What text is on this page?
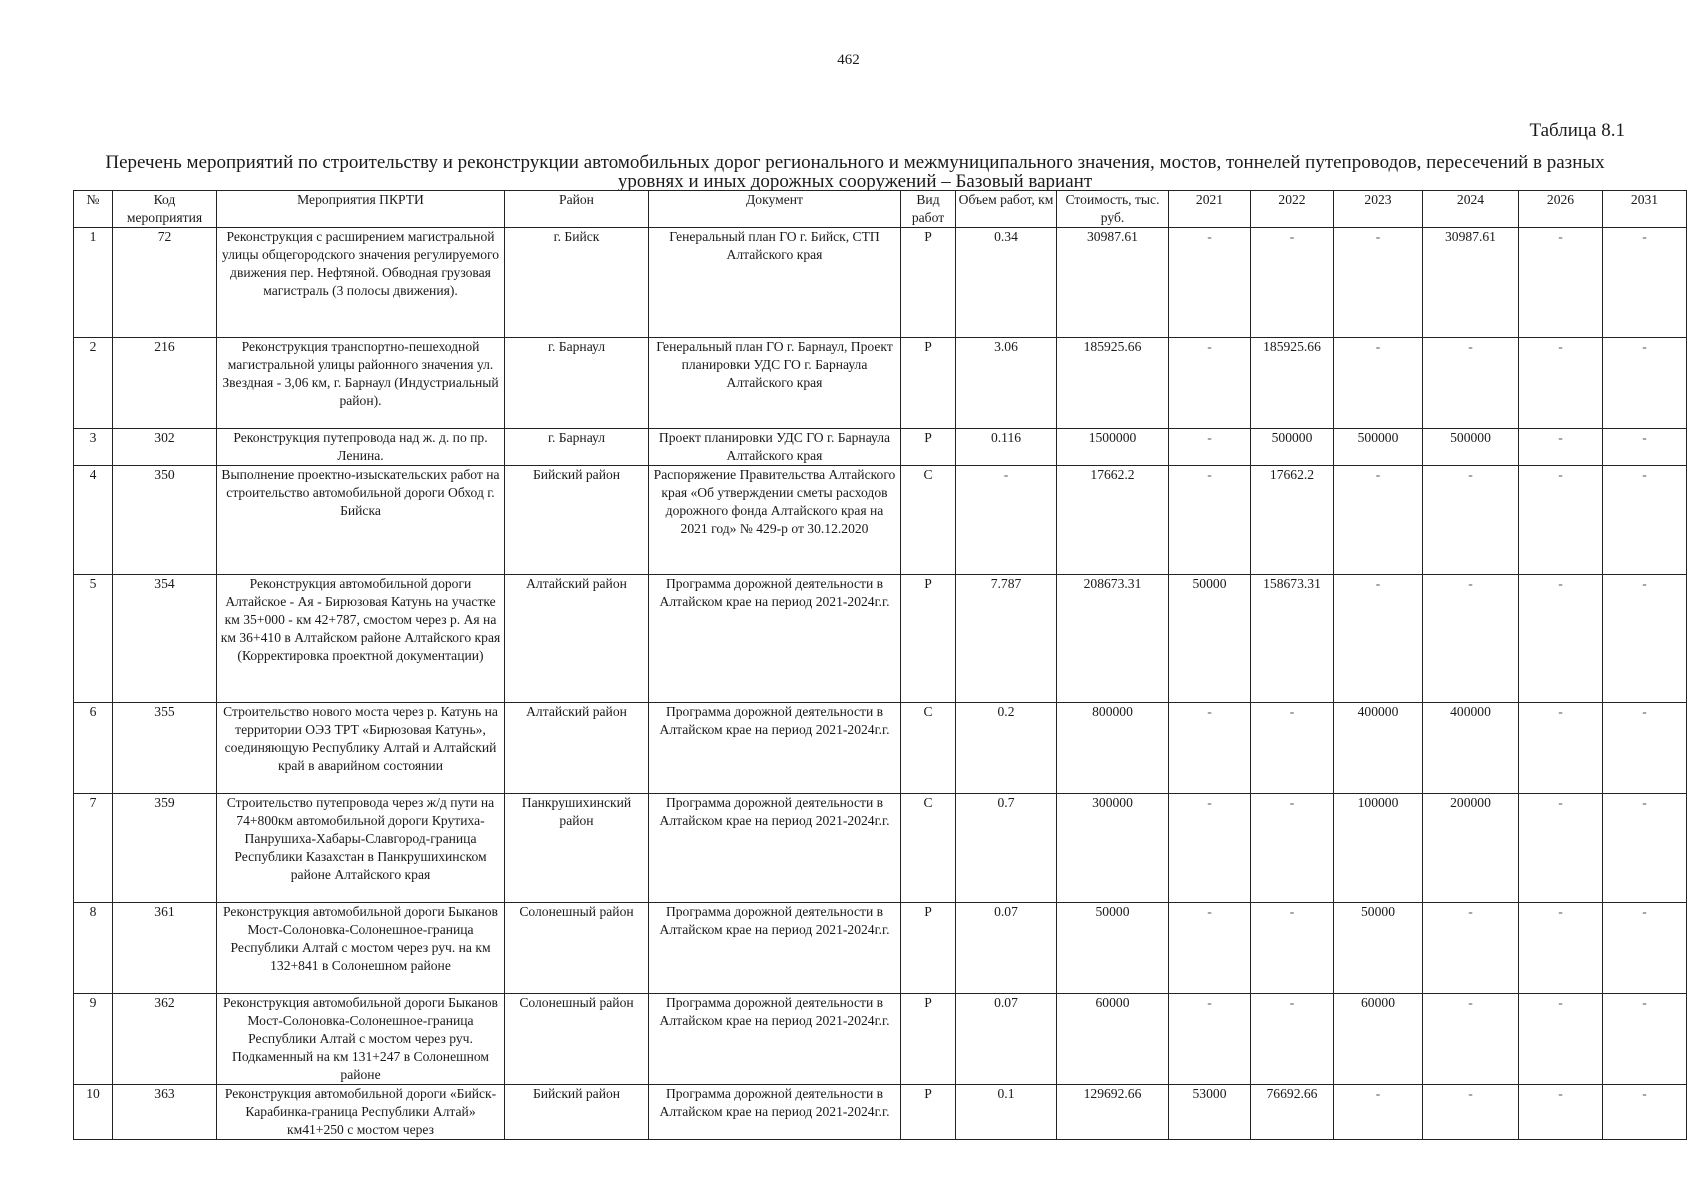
462
Таблица 8.1
Перечень мероприятий по строительству и реконструкции автомобильных дорог регионального и межмуниципального значения, мостов, тоннелей путепроводов, пересечений в разных уровнях и иных дорожных сооружений – Базовый вариант
№	Код мероприятия	Мероприятия ПКРТИ	Район	Документ	Вид работ	Объем работ, км	Стоимость, тыс. руб.	2021	2022	2023	2024	2026	2031
1	72	Реконструкция с расширением магистральной улицы общегородского значения регулируемого движения пер. Нефтяной. Обводная грузовая магистраль (3 полосы движения).	г. Бийск	Генеральный план ГО г. Бийск, СТП Алтайского края	Р	0.34	30987.61	-	-	-	30987.61	-	-
2	216	Реконструкция транспортно-пешеходной магистральной улицы районного значения ул. Звездная - 3,06 км, г. Барнаул (Индустриальный район).	г. Барнаул	Генеральный план ГО г. Барнаул, Проект планировки УДС ГО г. Барнаула Алтайского края	Р	3.06	185925.66	-	185925.66	-	-	-	-
3	302	Реконструкция путепровода над ж. д. по пр. Ленина.	г. Барнаул	Проект планировки УДС ГО г. Барнаула Алтайского края	Р	0.116	1500000	-	500000	500000	500000	-	-
4	350	Выполнение проектно-изыскательских работ на строительство автомобильной дороги Обход г. Бийска	Бийский район	Распоряжение Правительства Алтайского края «Об утверждении сметы расходов дорожного фонда Алтайского края на 2021 год» № 429-р от 30.12.2020	С	-	17662.2	-	17662.2	-	-	-	-
5	354	Реконструкция автомобильной дороги Алтайское - Ая - Бирюзовая Катунь на участке км 35+000 - км 42+787, смостом через р. Ая на км 36+410 в Алтайском районе Алтайского края (Корректировка проектной документации)	Алтайский район	Программа дорожной деятельности в Алтайском крае на период 2021-2024г.г.	Р	7.787	208673.31	50000	158673.31	-	-	-	-
6	355	Строительство нового моста через р. Катунь на территории ОЭЗ ТРТ «Бирюзовая Катунь», соединяющую Республику Алтай и Алтайский край в аварийном состоянии	Алтайский район	Программа дорожной деятельности в Алтайском крае на период 2021-2024г.г.	С	0.2	800000	-	-	400000	400000	-	-
7	359	Строительство путепровода через ж/д пути на 74+800км автомобильной дороги Крутиха-Панрушиха-Хабары-Славгород-граница Республики Казахстан в Панкрушихинском районе Алтайского края	Панкрушихинский район	Программа дорожной деятельности в Алтайском крае на период 2021-2024г.г.	С	0.7	300000	-	-	100000	200000	-	-
8	361	Реконструкция автомобильной дороги Быканов Мост-Солоновка-Солонешное-граница Республики Алтай с мостом через руч. на км 132+841 в Солонешном районе	Солонешный район	Программа дорожной деятельности в Алтайском крае на период 2021-2024г.г.	Р	0.07	50000	-	-	50000	-	-	-
9	362	Реконструкция автомобильной дороги Быканов Мост-Солоновка-Солонешное-граница Республики Алтай с мостом через руч. Подкаменный на км 131+247 в Солонешном районе	Солонешный район	Программа дорожной деятельности в Алтайском крае на период 2021-2024г.г.	Р	0.07	60000	-	-	60000	-	-	-
10	363	Реконструкция автомобильной дороги «Бийск-Карабинка-граница Республики Алтай» км41+250 с мостом через	Бийский район	Программа дорожной деятельности в Алтайском крае на период 2021-2024г.г.	Р	0.1	129692.66	53000	76692.66	-	-	-	-
